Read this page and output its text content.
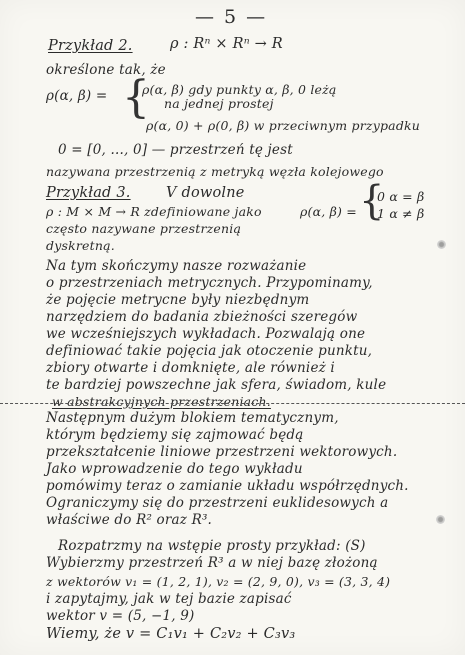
— 5 —
Przykład 2.	ρ : Rⁿ × Rⁿ → R
określone tak, że
ρ(α, β) = {
ρ(α, β) gdy punkty α, β, 0 leżą
na jednej prostej
ρ(α, 0) + ρ(0, β) w przeciwnym przypadku
0 = [0, ..., 0] — przestrzeń tę jest
nazywana przestrzenią z metryką węzła kolejowego
Przykład 3. V dowolne	{
0 α = β
1 α ≠ β
ρ : M × M → R zdefiniowane jako	ρ(α, β) =
często nazywane przestrzenią
dyskretną.
Na tym skończymy nasze rozważanie
o przestrzeniach metrycznych. Przypominamy,
że pojęcie metrycne były niezbędnym
narzędziem do badania zbieżności szeregów
we wcześniejszych wykładach. Pozwalają one
definiować takie pojęcia jak otoczenie punktu,
zbiory otwarte i domknięte, ale również i
te bardziej powszechne jak sfera, świadom, kule
w abstrakcyjnych przestrzeniach.
Następnym dużym blokiem tematycznym,
którym będziemy się zajmować będą
przekształcenie liniowe przestrzeni wektorowych.
Jako wprowadzenie do tego wykładu
pomówimy teraz o zamianie układu współrzędnych.
Ograniczymy się do przestrzeni euklidesowych a
właściwe do R² oraz R³.
Rozpatrzmy na wstępie prosty przykład: (S)
Wybierzmy przestrzeń R³ a w niej bazę złożoną
z wektorów v₁ = (1, 2, 1), v₂ = (2, 9, 0), v₃ = (3, 3, 4)
i zapytajmy, jak w tej bazie zapisać
wektor v = (5, −1, 9)
Wiemy, że v = C₁v₁ + C₂v₂ + C₃v₃
